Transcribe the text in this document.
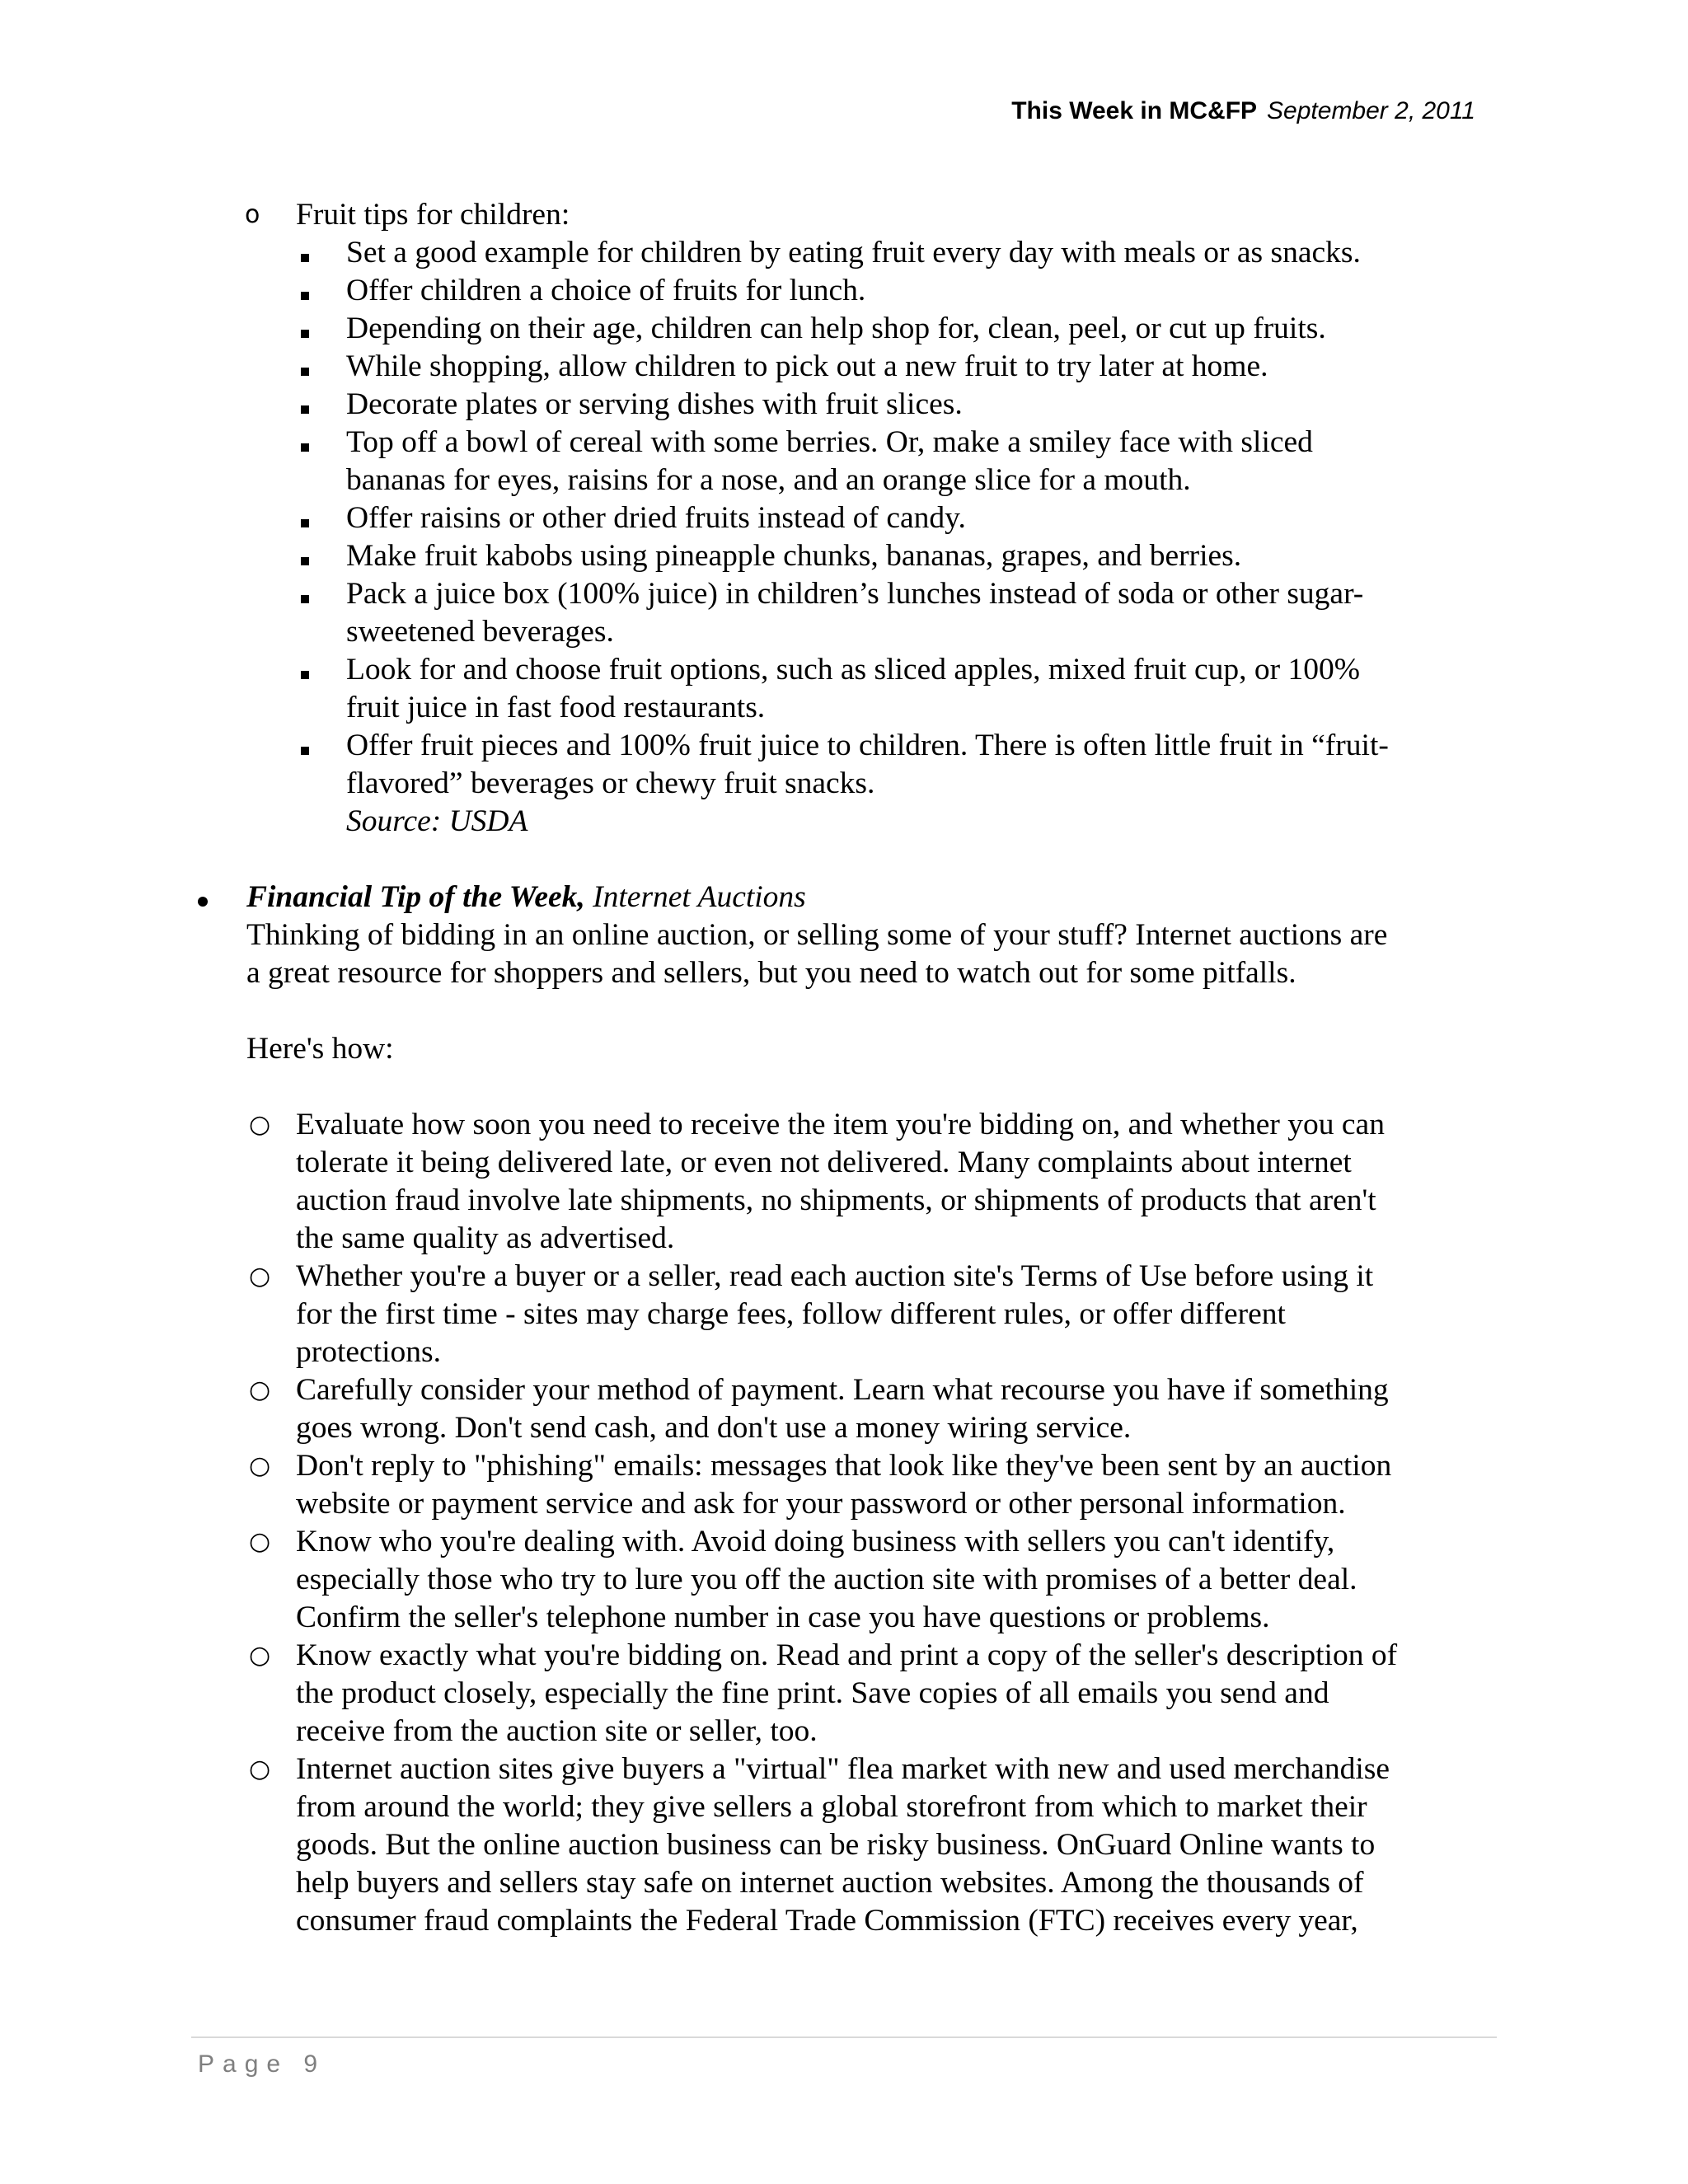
This Week in MC&FP September 2, 2011
o Fruit tips for children:

Set a good example for children by eating fruit every day with meals or as snacks.
Offer children a choice of fruits for lunch.
Depending on their age, children can help shop for, clean, peel, or cut up fruits.
While shopping, allow children to pick out a new fruit to try later at home.
Decorate plates or serving dishes with fruit slices.
Top off a bowl of cereal with some berries. Or, make a smiley face with sliced
bananas for eyes, raisins for a nose, and an orange slice for a mouth.
Offer raisins or other dried fruits instead of candy.
Make fruit kabobs using pineapple chunks, bananas, grapes, and berries.
Pack a juice box (100% juice) in children’s lunches instead of soda or other sugar-
sweetened beverages.
Look for and choose fruit options, such as sliced apples, mixed fruit cup, or 100%
fruit juice in fast food restaurants.
Offer fruit pieces and 100% fruit juice to children. There is often little fruit in “fruit-
flavored” beverages or chewy fruit snacks.
Source: USDA
Financial Tip of the Week, Internet Auctions

Thinking of bidding in an online auction, or selling some of your stuff? Internet auctions are
a great resource for shoppers and sellers, but you need to watch out for some pitfalls.
Here's how:
○ Evaluate how soon you need to receive the item you're bidding on, and whether you can
tolerate it being delivered late, or even not delivered. Many complaints about internet
auction fraud involve late shipments, no shipments, or shipments of products that aren't
the same quality as advertised.
○ Whether you're a buyer or a seller, read each auction site's Terms of Use before using it
for the first time - sites may charge fees, follow different rules, or offer different
protections.
○ Carefully consider your method of payment. Learn what recourse you have if something
goes wrong. Don't send cash, and don't use a money wiring service.
○ Don't reply to "phishing" emails: messages that look like they've been sent by an auction
website or payment service and ask for your password or other personal information.
○ Know who you're dealing with. Avoid doing business with sellers you can't identify,
especially those who try to lure you off the auction site with promises of a better deal.
Confirm the seller's telephone number in case you have questions or problems.
○ Know exactly what you're bidding on. Read and print a copy of the seller's description of
the product closely, especially the fine print. Save copies of all emails you send and
receive from the auction site or seller, too.
○ Internet auction sites give buyers a "virtual" flea market with new and used merchandise
from around the world; they give sellers a global storefront from which to market their
goods. But the online auction business can be risky business. OnGuard Online wants to
help buyers and sellers stay safe on internet auction websites. Among the thousands of
consumer fraud complaints the Federal Trade Commission (FTC) receives every year,
Page 9
